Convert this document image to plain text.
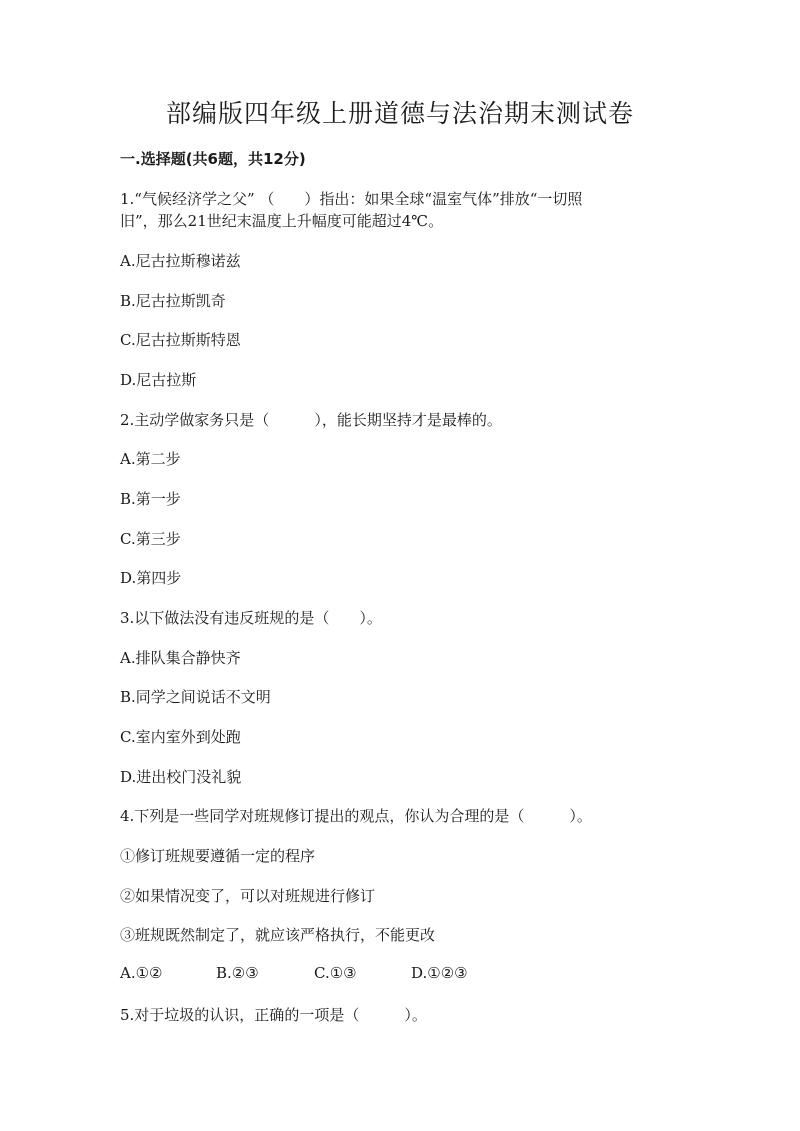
部编版四年级上册道德与法治期末测试卷
一.选择题(共6题，共12分)
1.“气候经济学之父” （　　）指出：如果全球“温室气体”排放“一切照
旧”，那么21世纪末温度上升幅度可能超过4℃。
A.尼古拉斯穆诺兹
B.尼古拉斯凯奇
C.尼古拉斯斯特恩
D.尼古拉斯
2.主动学做家务只是（　　　），能长期坚持才是最棒的。
A.第二步
B.第一步
C.第三步
D.第四步
3.以下做法没有违反班规的是（　　）。
A.排队集合静快齐
B.同学之间说话不文明
C.室内室外到处跑
D.进出校门没礼貌
4.下列是一些同学对班规修订提出的观点，你认为合理的是（　　　）。
①修订班规要遵循一定的程序
②如果情况变了，可以对班规进行修订
③班规既然制定了，就应该严格执行，不能更改
A.①②	B.②③	C.①③	D.①②③
5.对于垃圾的认识，正确的一项是（　　　）。
